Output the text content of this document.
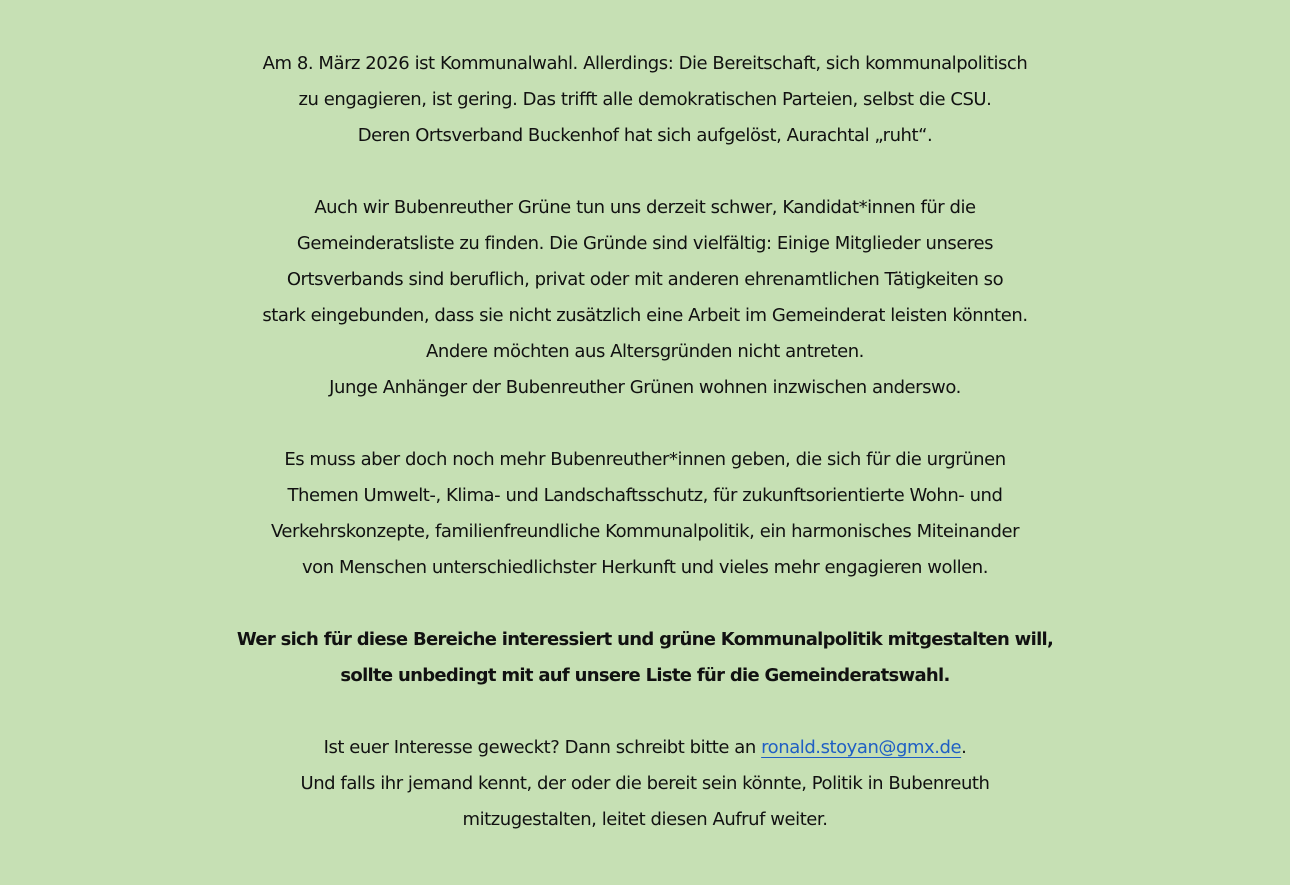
Am 8. März 2026 ist Kommunalwahl. Allerdings: Die Bereitschaft, sich kommunalpolitisch
zu engagieren, ist gering. Das trifft alle demokratischen Parteien, selbst die CSU.
Deren Ortsverband Buckenhof hat sich aufgelöst, Aurachtal „ruht“.
Auch wir Bubenreuther Grüne tun uns derzeit schwer, Kandidat*innen für die
Gemeinderatsliste zu finden. Die Gründe sind vielfältig: Einige Mitglieder unseres
Ortsverbands sind beruflich, privat oder mit anderen ehrenamtlichen Tätigkeiten so
stark eingebunden, dass sie nicht zusätzlich eine Arbeit im Gemeinderat leisten könnten.
Andere möchten aus Altersgründen nicht antreten.
Junge Anhänger der Bubenreuther Grünen wohnen inzwischen anderswo.
Es muss aber doch noch mehr Bubenreuther*innen geben, die sich für die urgrünen
Themen Umwelt-, Klima- und Landschaftsschutz, für zukunftsorientierte Wohn- und
Verkehrskonzepte, familienfreundliche Kommunalpolitik, ein harmonisches Miteinander
von Menschen unterschiedlichster Herkunft und vieles mehr engagieren wollen.
Wer sich für diese Bereiche interessiert und grüne Kommunalpolitik mitgestalten will,
sollte unbedingt mit auf unsere Liste für die Gemeinderatswahl.
Ist euer Interesse geweckt? Dann schreibt bitte an ronald.stoyan@gmx.de.
Und falls ihr jemand kennt, der oder die bereit sein könnte, Politik in Bubenreuth
mitzugestalten, leitet diesen Aufruf weiter.
